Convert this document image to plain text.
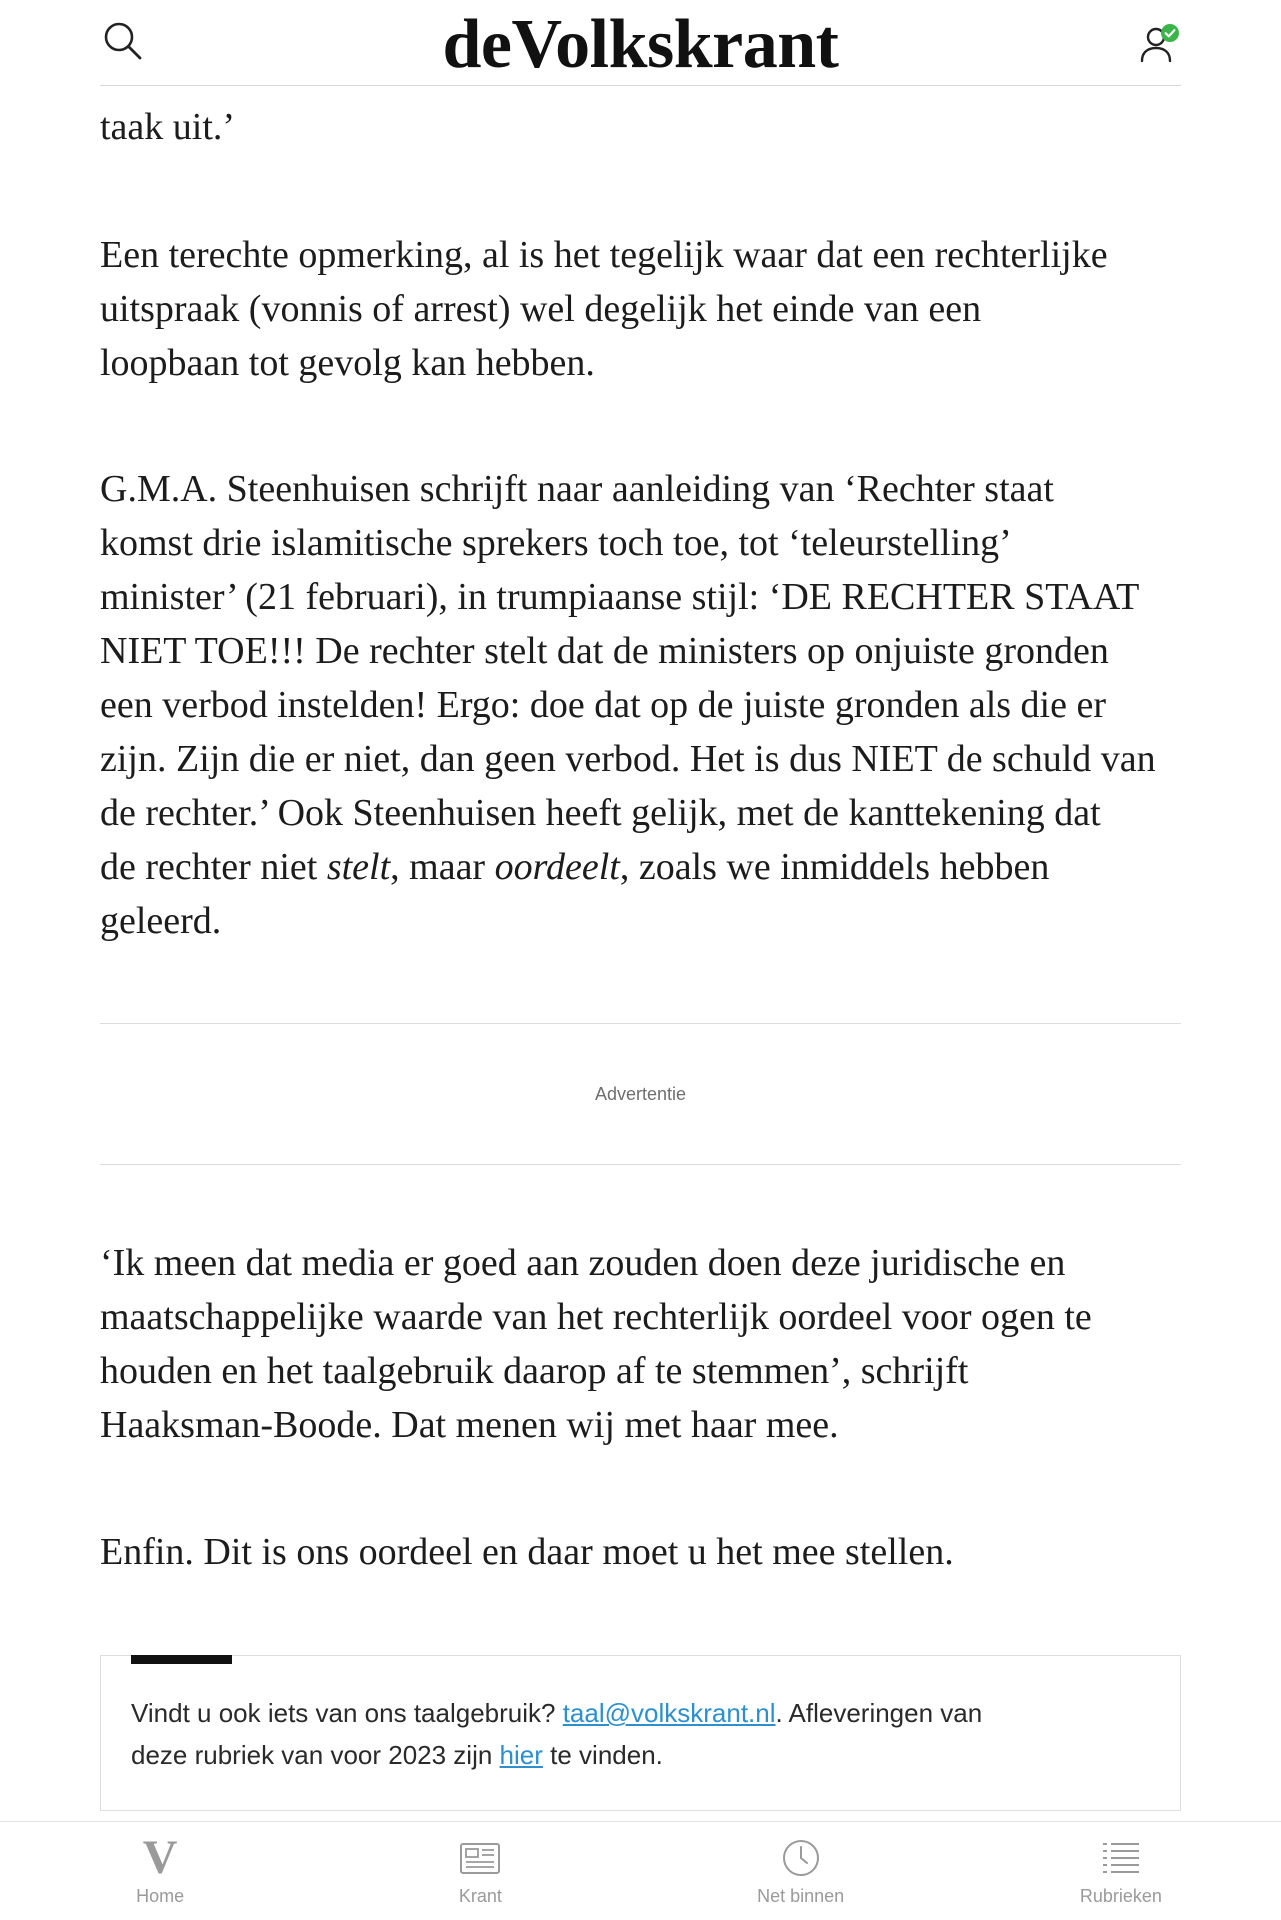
deVolkskrant
taak uit.’
Een terechte opmerking, al is het tegelijk waar dat een rechterlijke
uitspraak (vonnis of arrest) wel degelijk het einde van een
loopbaan tot gevolg kan hebben.
G.M.A. Steenhuisen schrijft naar aanleiding van ‘Rechter staat
komst drie islamitische sprekers toch toe, tot ‘teleurstelling’
minister’ (21 februari), in trumpiaanse stijl: ‘DE RECHTER STAAT
NIET TOE!!! De rechter stelt dat de ministers op onjuiste gronden
een verbod instelden! Ergo: doe dat op de juiste gronden als die er
zijn. Zijn die er niet, dan geen verbod. Het is dus NIET de schuld van
de rechter.’ Ook Steenhuisen heeft gelijk, met de kanttekening dat
de rechter niet stelt, maar oordeelt, zoals we inmiddels hebben
geleerd.
Advertentie
‘Ik meen dat media er goed aan zouden doen deze juridische en
maatschappelijke waarde van het rechterlijk oordeel voor ogen te
houden en het taalgebruik daarop af te stemmen’, schrijft
Haaksman-Boode. Dat menen wij met haar mee.
Enfin. Dit is ons oordeel en daar moet u het mee stellen.
Vindt u ook iets van ons taalgebruik? taal@volkskrant.nl. Afleveringen van
deze rubriek van voor 2023 zijn hier te vinden.
V
Home	Krant	Net binnen	Rubrieken
